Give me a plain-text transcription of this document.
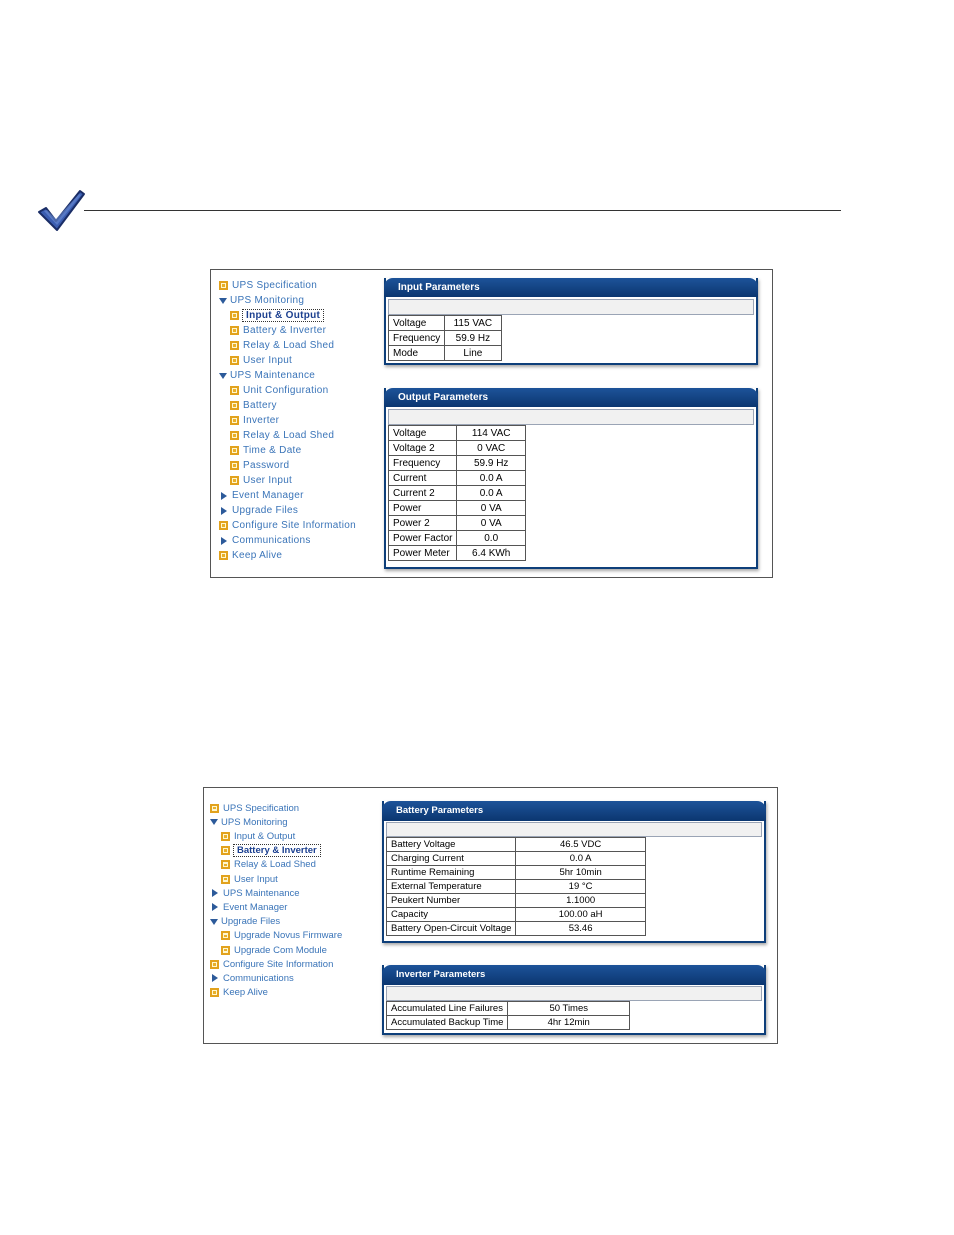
UPS Specification
UPS Monitoring
Input & Output
Battery & Inverter
Relay & Load Shed
User Input
UPS Maintenance
Unit Configuration
Battery
Inverter
Relay & Load Shed
Time & Date
Password
User Input
Event Manager
Upgrade Files
Configure Site Information
Communications
Keep Alive
Input Parameters
Voltage	115 VAC
Frequency	59.9 Hz
Mode	Line
Output Parameters
Voltage	114 VAC
Voltage 2	0 VAC
Frequency	59.9 Hz
Current	0.0 A
Current 2	0.0 A
Power	0 VA
Power 2	0 VA
Power Factor	0.0
Power Meter	6.4 KWh
UPS Specification
UPS Monitoring
Input & Output
Battery & Inverter
Relay & Load Shed
User Input
UPS Maintenance
Event Manager
Upgrade Files
Upgrade Novus Firmware
Upgrade Com Module
Configure Site Information
Communications
Keep Alive
Battery Parameters
Battery Voltage	46.5 VDC
Charging Current	0.0 A
Runtime Remaining	5hr 10min
External Temperature	19 °C
Peukert Number	1.1000
Capacity	100.00 aH
Battery Open-Circuit Voltage	53.46
Inverter Parameters
Accumulated Line Failures	50 Times
Accumulated Backup Time	4hr 12min
